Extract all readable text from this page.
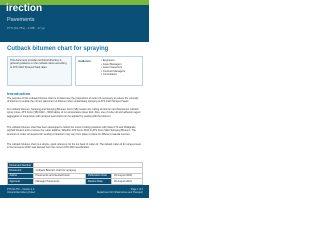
irection
Pavements
PTS (02-751) - 2 MB - 17 pp
Cutback bitumen chart for spraying
This document provides technical direction & general guidance on the cutback ratios according to ATS 3110 Sprayed Seal rates.
Audience:	• Engineers
• Asset Managers
• Asset Inspectors
• Contract Managers
• Consultants
Introduction
The purpose of this cutback bitumen chart is to determine the proportions of cutter oil necessary to reduce the viscosity of bitumen to enable the correct placement of bitumen when undertaking spraying to ATS 3110 Sprayed Seals.
For cutback bitumen, Spraying and Spraying Bitumen Form (SB) require the cutting of bitumen and bituminous cutback spray mixes. ATS Form (SB) 9110 – 6002 tables of run temperature lower limit. Also, use of cutter oil and adhesion agent aggregates in conjunction with sprayed seal works can be applied by sealing with the bitumen.
The cutback bitumen chart has been developed to reflect the current cutting practices with Class 170 and Multigrade asphalt binders and to reduce the cutter additive. Whether ATS Form 3110 or ATS Form 9110 Spraying Bitumen. The amounts of cutter oil required for sealing contractors may vary from place to place for different material sources.
The cutback bitumen chart is a simple, quick reference for the cut back of cutter oil. The default cutter oil for sprayed seal is the kerosene which was derived from the current ATS 3110 specification.
Document Number			
Document	Cutback Bitumen chart for spraying		
Author	Pavements and Geotechnical	Publication Date	26 August 2020
Approval	Manager Pavements	Review Date	26 August 2021
PTS 02-751 – Version 1.0
Uncontrolled when printed
Page 1 of 2
Department for Infrastructure and Transport
